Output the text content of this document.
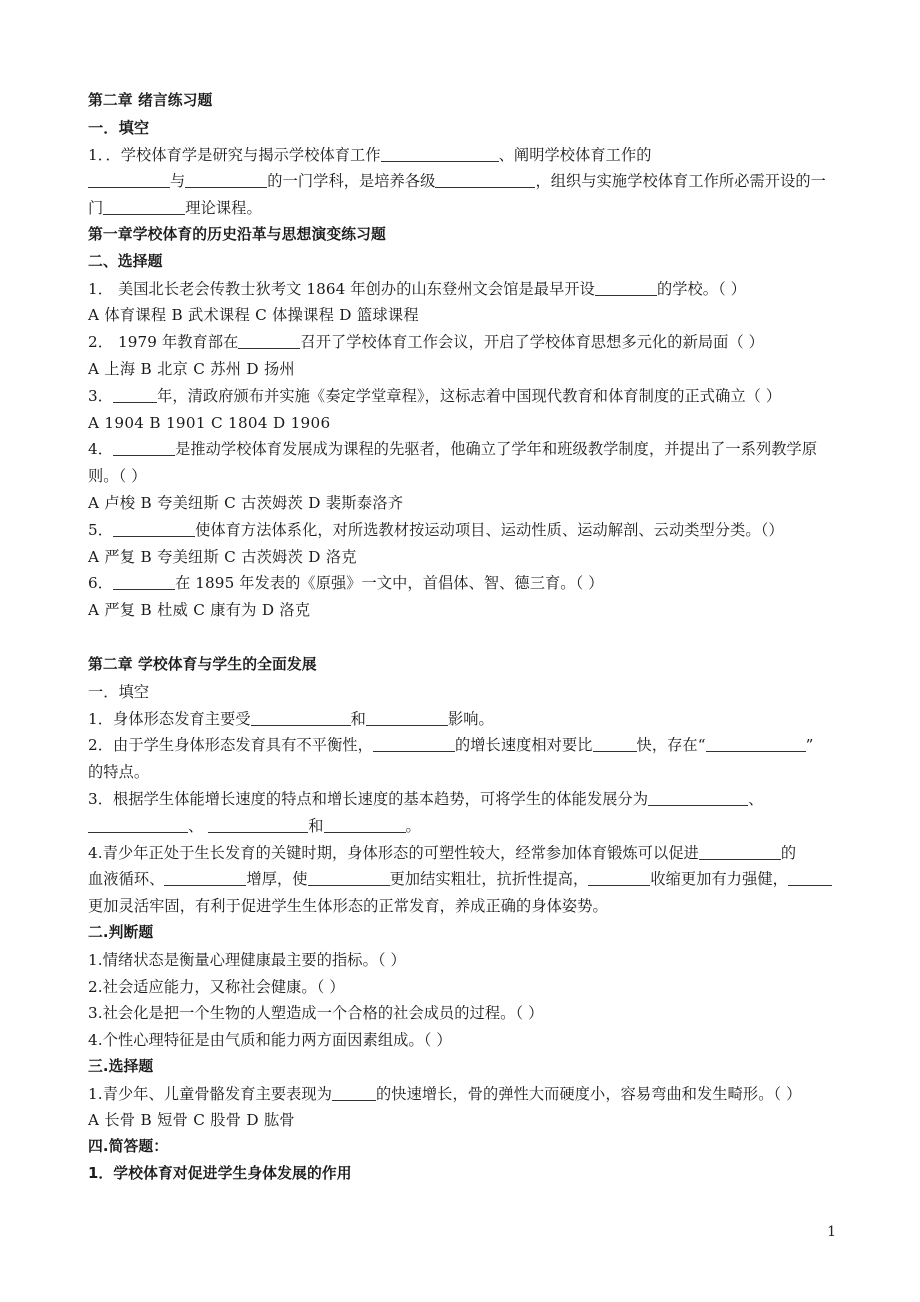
第二章 绪言练习题
一．填空
1．．学校体育学是研究与揭示学校体育工作	、阐明学校体育工作的
与	的一门学科，是培养各级	，组织与实施学校体育工作所必需开设的一
门	理论课程。
第一章学校体育的历史沿革与思想演变练习题
二、选择题
1． 美国北长老会传教士狄考文 1864 年创办的山东登州文会馆是最早开设	的学校。（ ）
A 体育课程 B 武术课程 C 体操课程 D 篮球课程
2． 1979 年教育部在	召开了学校体育工作会议，开启了学校体育思想多元化的新局面（ ）
A 上海 B 北京 C 苏州 D 扬州
3．	年，清政府颁布并实施《奏定学堂章程》，这标志着中国现代教育和体育制度的正式确立（ ）
A 1904 B 1901 C 1804 D 1906
4．	是推动学校体育发展成为课程的先驱者，他确立了学年和班级教学制度，并提出了一系列教学原
则。（ ）
A 卢梭 B 夸美纽斯 C 古茨姆茨 D 裴斯泰洛齐
5．	使体育方法体系化，对所选教材按运动项目、运动性质、运动解剖、云动类型分类。（）
A 严复 B 夸美纽斯 C 古茨姆茨 D 洛克
6．	在 1895 年发表的《原强》一文中，首倡体、智、德三育。（ ）
A 严复 B 杜威 C 康有为 D 洛克
第二章 学校体育与学生的全面发展
一．填空
1．身体形态发育主要受	和	影响。
2．由于学生身体形态发育具有不平衡性，	的增长速度相对要比	快，存在“	”
的特点。
3．根据学生体能增长速度的特点和增长速度的基本趋势，可将学生的体能发展分为	、
、	和	。
4.青少年正处于生长发育的关键时期，身体形态的可塑性较大，经常参加体育锻炼可以促进	的
血液循环、	增厚，使	更加结实粗壮，抗折性提高，	收缩更加有力强健，
更加灵活牢固，有利于促进学生生体形态的正常发育，养成正确的身体姿势。
二.判断题
1.情绪状态是衡量心理健康最主要的指标。（ ）
2.社会适应能力，又称社会健康。（ ）
3.社会化是把一个生物的人塑造成一个合格的社会成员的过程。（ ）
4.个性心理特征是由气质和能力两方面因素组成。（ ）
三.选择题
1.青少年、儿童骨骼发育主要表现为	的快速增长，骨的弹性大而硬度小，容易弯曲和发生畸形。（ ）
A 长骨 B 短骨 C 股骨 D 肱骨
四.简答题：
1．学校体育对促进学生身体发展的作用
1
